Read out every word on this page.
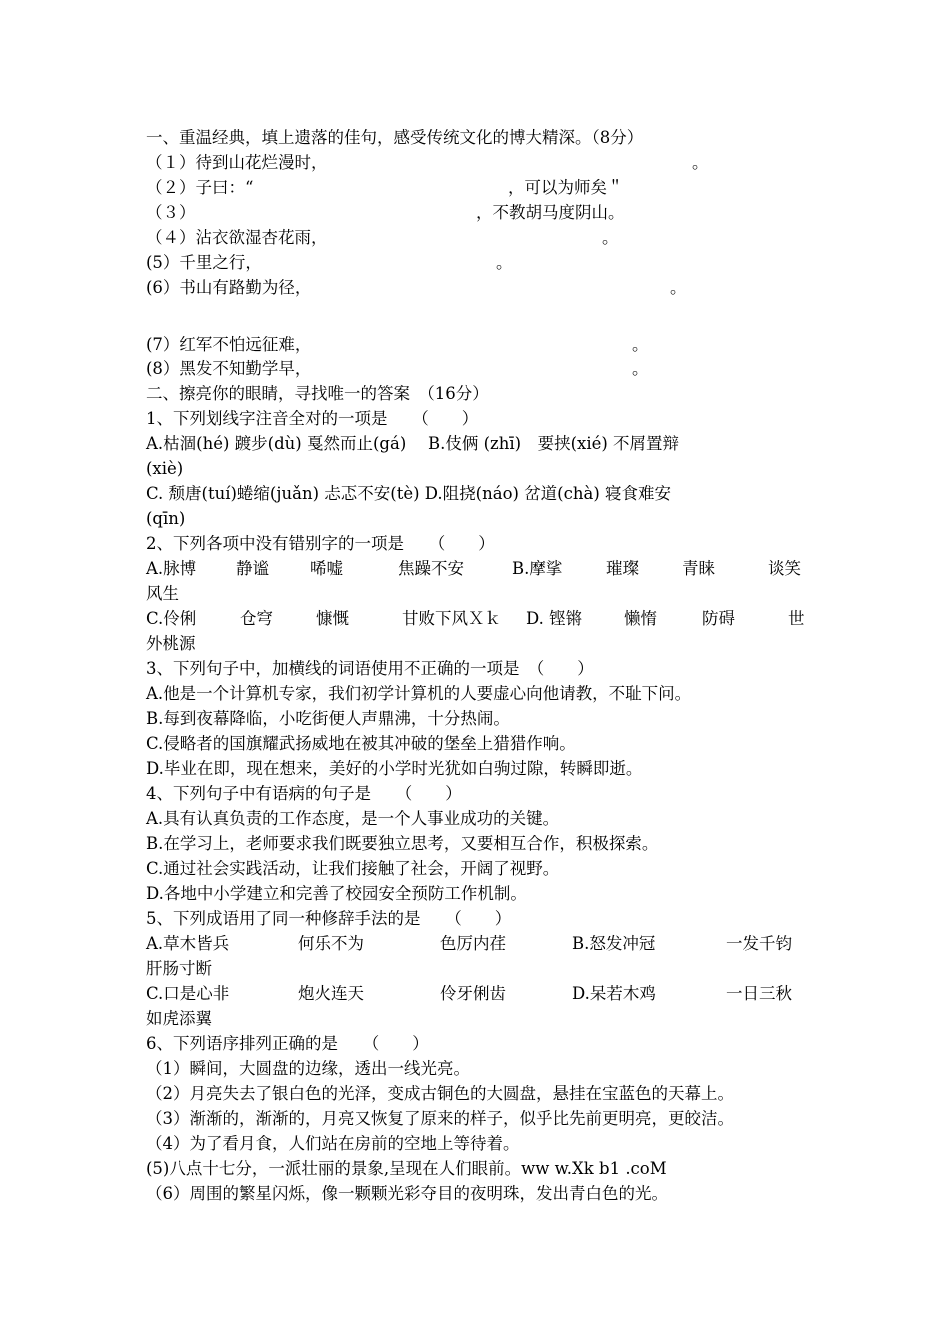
一、重温经典，填上遗落的佳句，感受传统文化的博大精深。（8分）
（１）待到山花烂漫时，	。
（２）子曰：“	，可以为师矣＂
（３）	，不教胡马度阴山。
（４）沾衣欲湿杏花雨，	。
(5）千里之行，	。
(6）书山有路勤为径，	。
(7）红军不怕远征难，	。
(8）黑发不知勤学早，	。
二、擦亮你的眼睛，寻找唯一的答案　（16分）
1、下列划线字注音全对的一项是　　（　　）
A.枯涸(hé) 踱步(dù) 戛然而止(gá)　 B.伎俩 (zhī)　要挟(xié) 不屑置辩
(xiè)
C. 颓唐(tuí)蜷缩(juǎn) 忐忑不安(tè) D.阻挠(náo) 岔道(chà) 寝食难安
(qīn)
2、下列各项中没有错别字的一项是　　（　　）
A.脉博 静谧 唏嘘	焦躁不安	B.摩挲	璀璨	青睐	谈笑
风生
C.伶俐	仓穹	慷慨	甘败下风Ｘｋ D. 铿锵	懒惰	防碍	世
外桃源
3、下列句子中，加横线的词语使用不正确的一项是　（　　）
A.他是一个计算机专家，我们初学计算机的人要虚心向他请教，不耻下问。
B.每到夜幕降临，小吃街便人声鼎沸，十分热闹。
C.侵略者的国旗耀武扬威地在被其冲破的堡垒上猎猎作响。
D.毕业在即，现在想来，美好的小学时光犹如白驹过隙，转瞬即逝。
4、下列句子中有语病的句子是　　（　　）
A.具有认真负责的工作态度，是一个人事业成功的关键。
B.在学习上，老师要求我们既要独立思考，又要相互合作，积极探索。
C.通过社会实践活动，让我们接触了社会，开阔了视野。
D.各地中小学建立和完善了校园安全预防工作机制。
5、下列成语用了同一种修辞手法的是　　（　　）
A.草木皆兵	何乐不为	色厉内荏	B.怒发冲冠	一发千钧
肝肠寸断
C.口是心非	炮火连天	伶牙俐齿	D.呆若木鸡	一日三秋
如虎添翼
6、下列语序排列正确的是　　（　　）
（1）瞬间，大圆盘的边缘，透出一线光亮。
（2）月亮失去了银白色的光泽，变成古铜色的大圆盘，悬挂在宝蓝色的天幕上。
（3）渐渐的，渐渐的，月亮又恢复了原来的样子，似乎比先前更明亮，更皎洁。
（4）为了看月食，人们站在房前的空地上等待着。
(5)八点十七分，一派壮丽的景象,呈现在人们眼前。ww w.Xk b1 .coM
（6）周围的繁星闪烁，像一颗颗光彩夺目的夜明珠，发出青白色的光。
